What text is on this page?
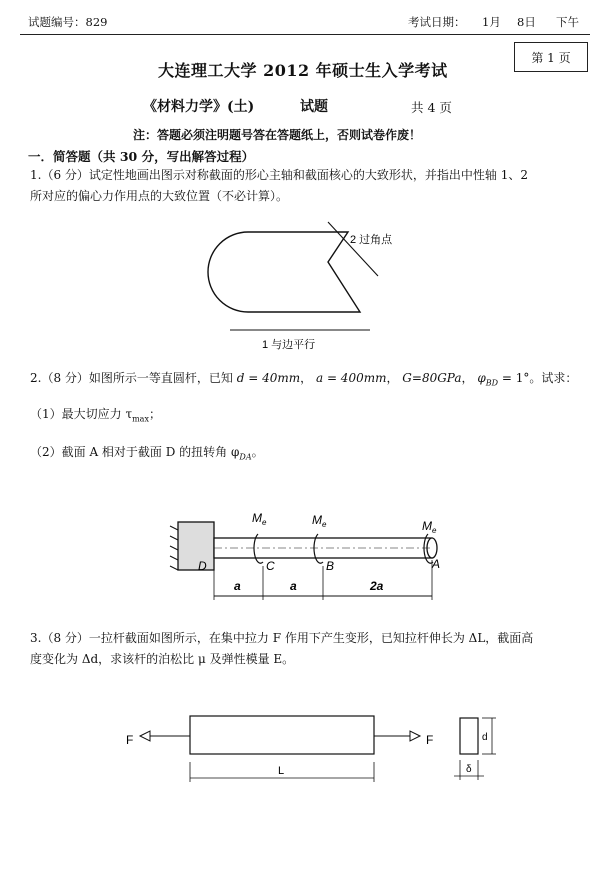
试题编号：829	考试日期： 1月 8日 下午
第 1 页
大连理工大学 2012 年硕士生入学考试
《材料力学》(土)	试题	共 4 页
注：答题必须注明题号答在答题纸上，否则试卷作废！
一．简答题（共 30 分，写出解答过程）
1.（6 分）试定性地画出图示对称截面的形心主轴和截面核心的大致形状，并指出中性轴 1、2
所对应的偏心力作用点的大致位置（不必计算）。
2 过角点
1 与边平行
2.（8 分）如图所示一等直圆杆，已知 d = 40mm， a = 400mm， G=80GPa， $\varphi_{BD} = 1^\circ$。试求：
（1）最大切应力 $\tau_{max}$；
（2）截面 A 相对于截面 D 的扭转角 $\varphi_{DA}$。
$M_e$	$M_e$	$M_e$
D	C	B	A
a	a	2a
3.（8 分）一拉杆截面如图所示，在集中拉力 F 作用下产生变形，已知拉杆伸长为 ΔL，截面高
度变化为 Δd，求该杆的泊松比 μ 及弹性模量 E。
F	F
L
d
δ
